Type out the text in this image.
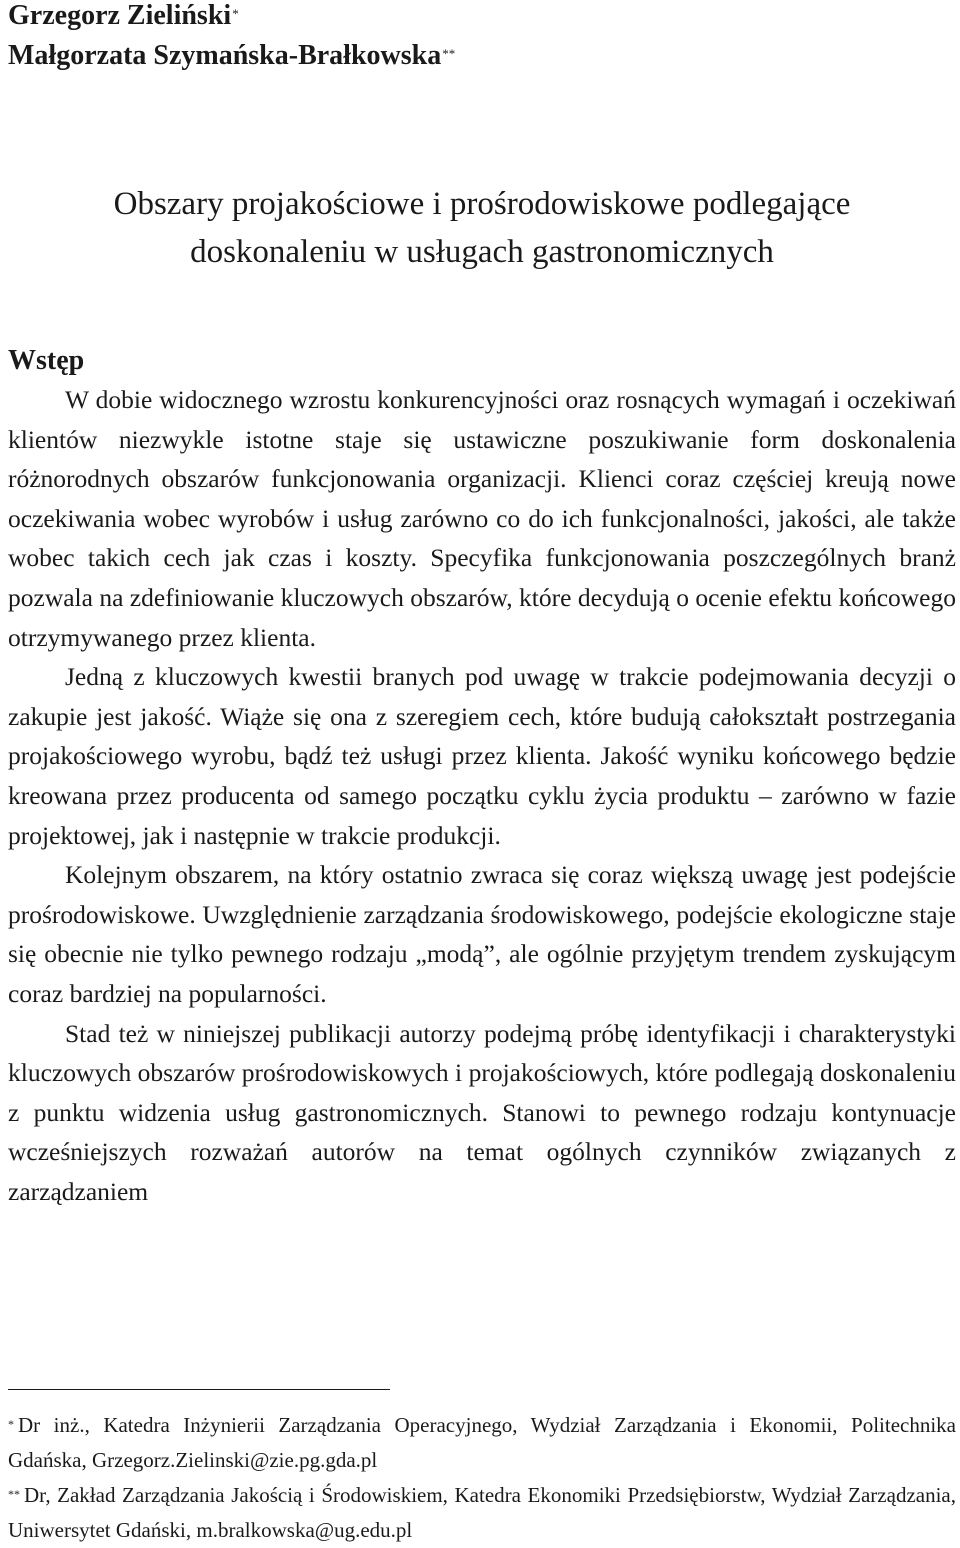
Grzegorz Zieliński*

Małgorzata Szymańska-Brałkowska**

Obszary projakościowe i prośrodowiskowe podlegające
doskonaleniu w usługach gastronomicznych
Wstęp

W dobie widocznego wzrostu konkurencyjności oraz rosnących wymagań i oczekiwań klientów niezwykle istotne staje się ustawiczne poszukiwanie form doskonalenia różnorodnych obszarów funkcjonowania organizacji. Klienci coraz częściej kreują nowe oczekiwania wobec wyrobów i usług zarówno co do ich funkcjonalności, jakości, ale także wobec takich cech jak czas i koszty. Specyfika funkcjonowania poszczególnych branż pozwala na zdefiniowanie kluczowych obszarów, które decydują o ocenie efektu końcowego otrzymywanego przez klienta.

Jedną z kluczowych kwestii branych pod uwagę w trakcie podejmowania decyzji o zakupie jest jakość. Wiąże się ona z szeregiem cech, które budują całokształt postrzegania projakościowego wyrobu, bądź też usługi przez klienta. Jakość wyniku końcowego będzie kreowana przez producenta od samego początku cyklu życia produktu – zarówno w fazie projektowej, jak i następnie w trakcie produkcji.

Kolejnym obszarem, na który ostatnio zwraca się coraz większą uwagę jest podejście prośrodowiskowe. Uwzględnienie zarządzania środowiskowego, podejście ekologiczne staje się obecnie nie tylko pewnego rodzaju „modą”, ale ogólnie przyjętym trendem zyskującym coraz bardziej na popularności.

Stad też w niniejszej publikacji autorzy podejmą próbę identyfikacji i charakterystyki kluczowych obszarów prośrodowiskowych i projakościowych, które podlegają doskonaleniu z punktu widzenia usług gastronomicznych. Stanowi to pewnego rodzaju kontynuacje wcześniejszych rozważań autorów na temat ogólnych czynników związanych z zarządzaniem

* Dr inż., Katedra Inżynierii Zarządzania Operacyjnego, Wydział Zarządzania i Ekonomii, Politechnika Gdańska, Grzegorz.Zielinski@zie.pg.gda.pl

** Dr, Zakład Zarządzania Jakością i Środowiskiem, Katedra Ekonomiki Przedsiębiorstw, Wydział Zarządzania, Uniwersytet Gdański, m.bralkowska@ug.edu.pl
